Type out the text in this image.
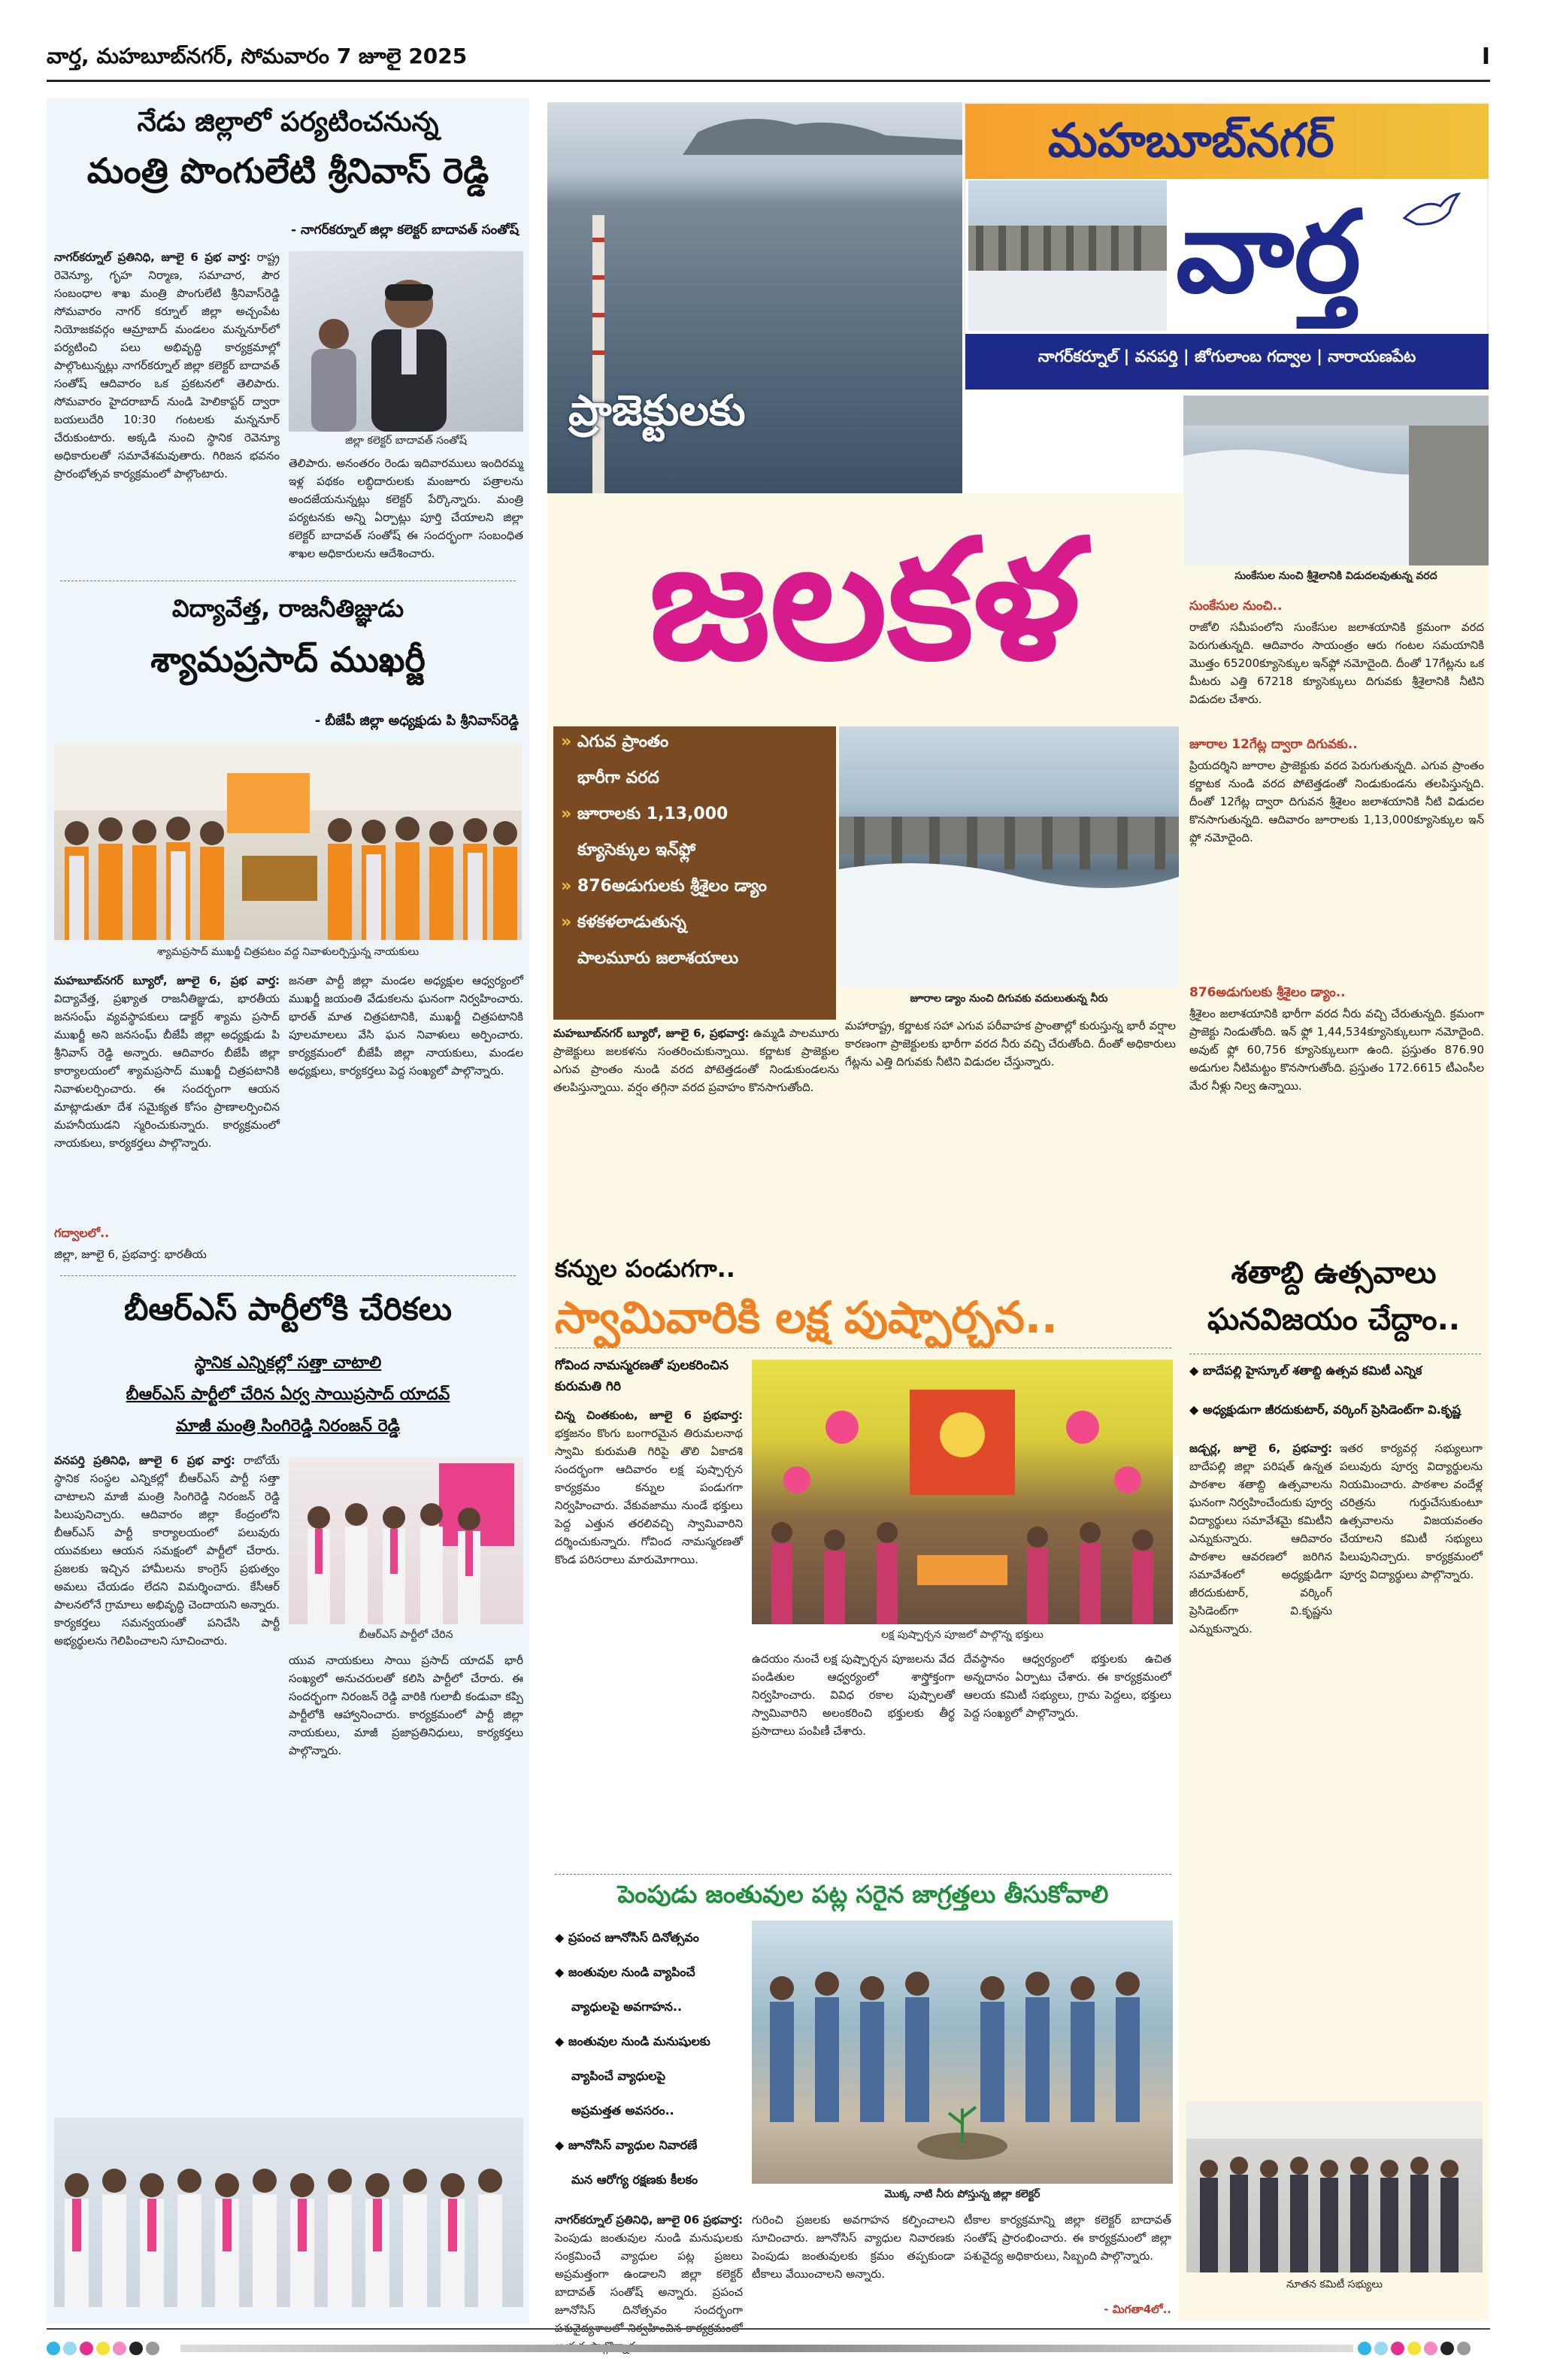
వార్త, మహబూబ్‌నగర్, సోమవారం 7 జూలై 2025	I
నేడు జిల్లాలో పర్యటించనున్న
మంత్రి పొంగులేటి శ్రీనివాస్ రెడ్డి
- నాగర్‌కర్నూల్ జిల్లా కలెక్టర్ బాదావత్ సంతోష్
నాగర్‌కర్నూల్ ప్రతినిధి, జూలై 6 ప్రభ వార్త: రాష్ట్ర రెవెన్యూ, గృహ నిర్మాణ, సమాచార, పౌర సంబంధాల శాఖ మంత్రి పొంగులేటి శ్రీనివాస్‌రెడ్డి సోమవారం నాగర్ కర్నూల్ జిల్లా అచ్చంపేట నియోజకవర్గం ఆమ్రాబాద్ మండలం మన్ననూర్‌లో పర్యటించి పలు అభివృద్ధి కార్యక్రమాల్లో పాల్గొంటున్నట్లు నాగర్‌కర్నూల్ జిల్లా కలెక్టర్ బాదావత్ సంతోష్ ఆదివారం ఒక ప్రకటనలో తెలిపారు. సోమవారం హైదరాబాద్ నుండి హెలికాప్టర్ ద్వారా బయలుదేరి 10:30 గంటలకు మన్ననూర్ చేరుకుంటారు. అక్కడి నుంచి స్థానిక రెవెన్యూ అధికారులతో సమావేశమవుతారు. గిరిజన భవనం ప్రారంభోత్సవ కార్యక్రమంలో పాల్గొంటారు.
జిల్లా కలెక్టర్ బాదావత్ సంతోష్
తెలిపారు. అనంతరం రెండు ఇదివారములు ఇందిరమ్మ ఇళ్ల పథకం లబ్ధిదారులకు మంజూరు పత్రాలను అందజేయనున్నట్లు కలెక్టర్ పేర్కొన్నారు. మంత్రి పర్యటనకు అన్ని ఏర్పాట్లు పూర్తి చేయాలని జిల్లా కలెక్టర్ బాదావత్ సంతోష్ ఈ సందర్భంగా సంబంధిత శాఖల అధికారులను ఆదేశించారు.
విద్యావేత్త, రాజనీతిజ్ఞుడు
శ్యామప్రసాద్ ముఖర్జీ
- బీజేపీ జిల్లా అధ్యక్షుడు పి శ్రీనివాస్‌రెడ్డి
శ్యామప్రసాద్ ముఖర్జీ చిత్రపటం వద్ద నివాళులర్పిస్తున్న నాయకులు
మహబూబ్‌నగర్ బ్యూరో, జూలై 6, ప్రభ వార్త: విద్యావేత్త, ప్రఖ్యాత రాజనీతిజ్ఞుడు, భారతీయ జనసంఘ్ వ్యవస్థాపకులు డాక్టర్ శ్యామ ప్రసాద్ ముఖర్జీ అని జనసంఘ్ బీజేపీ జిల్లా అధ్యక్షుడు పి శ్రీనివాస్ రెడ్డి అన్నారు. ఆదివారం బీజేపీ జిల్లా కార్యాలయంలో శ్యామప్రసాద్ ముఖర్జీ చిత్రపటానికి నివాళులర్పించారు. ఈ సందర్భంగా ఆయన మాట్లాడుతూ దేశ సమైక్యత కోసం ప్రాణాలర్పించిన మహనీయుడని స్మరించుకున్నారు. కార్యక్రమంలో నాయకులు, కార్యకర్తలు పాల్గొన్నారు.
గద్వాలలో..
జిల్లా, జూలై 6, ప్రభవార్త: భారతీయ
జనతా పార్టీ జిల్లా మండల అధ్యక్షుల ఆధ్వర్యంలో ముఖర్జీ జయంతి వేడుకలను ఘనంగా నిర్వహించారు. భారత్ మాత చిత్రపటానికి, ముఖర్జీ చిత్రపటానికి పూలమాలలు వేసి ఘన నివాళులు అర్పించారు. కార్యక్రమంలో బీజేపీ జిల్లా నాయకులు, మండల అధ్యక్షులు, కార్యకర్తలు పెద్ద సంఖ్యలో పాల్గొన్నారు.
బీఆర్ఎస్ పార్టీలోకి చేరికలు
స్థానిక ఎన్నికల్లో సత్తా చాటాలి
బీఆర్ఎస్ పార్టీలో చేరిన ఏర్వ సాయిప్రసాద్ యాదవ్
మాజీ మంత్రి సింగిరెడ్డి నిరంజన్ రెడ్డి
వనపర్తి ప్రతినిధి, జూలై 6 ప్రభ వార్త: రాబోయే స్థానిక సంస్థల ఎన్నికల్లో బీఆర్ఎస్ పార్టీ సత్తా చాటాలని మాజీ మంత్రి సింగిరెడ్డి నిరంజన్ రెడ్డి పిలుపునిచ్చారు. ఆదివారం జిల్లా కేంద్రంలోని బీఆర్ఎస్ పార్టీ కార్యాలయంలో పలువురు యువకులు ఆయన సమక్షంలో పార్టీలో చేరారు. ప్రజలకు ఇచ్చిన హామీలను కాంగ్రెస్ ప్రభుత్వం అమలు చేయడం లేదని విమర్శించారు. కేసీఆర్ పాలనలోనే గ్రామాలు అభివృద్ధి చెందాయని అన్నారు. కార్యకర్తలు సమన్వయంతో పనిచేసి పార్టీ అభ్యర్థులను గెలిపించాలని సూచించారు.	బీఆర్ఎస్ పార్టీలో చేరిన
యువ నాయకులు సాయి ప్రసాద్ యాదవ్ భారీ సంఖ్యలో అనుచరులతో కలిసి పార్టీలో చేరారు. ఈ సందర్భంగా నిరంజన్ రెడ్డి వారికి గులాబీ కండువా కప్పి పార్టీలోకి ఆహ్వానించారు. కార్యక్రమంలో పార్టీ జిల్లా నాయకులు, మాజీ ప్రజాప్రతినిధులు, కార్యకర్తలు పాల్గొన్నారు.
మహబూబ్‌నగర్
వార్త
నాగర్‌కర్నూల్ | వనపర్తి | జోగులాంబ గద్వాల | నారాయణపేట
ప్రాజెక్టులకు
జలకళ	సుంకేసుల నుంచి శ్రీశైలానికి విడుదలవుతున్న వరద
» ఎగువ ప్రాంతం
భారీగా వరద
» జూరాలకు 1,13,000
క్యూసెక్కుల ఇన్‌ఫ్లో
» 876అడుగులకు శ్రీశైలం డ్యాం
» కళకళలాడుతున్న
పాలమూరు జలాశయాలు
జూరాల డ్యాం నుంచి దిగువకు వదులుతున్న నీరు
మహబూబ్‌నగర్ బ్యూరో, జూలై 6, ప్రభవార్త: ఉమ్మడి పాలమూరు ప్రాజెక్టులు జలకళను సంతరించుకున్నాయి. కర్ణాటక ప్రాజెక్టుల ఎగువ ప్రాంతం నుండి వరద పోటెత్తడంతో నిండుకుండలను తలపిస్తున్నాయి. వర్షం తగ్గినా వరద ప్రవాహం కొనసాగుతోంది.
మహారాష్ట్ర, కర్ణాటక సహా ఎగువ పరీవాహక ప్రాంతాల్లో కురుస్తున్న భారీ వర్షాల కారణంగా ప్రాజెక్టులకు భారీగా వరద నీరు వచ్చి చేరుతోంది. దీంతో అధికారులు గేట్లను ఎత్తి దిగువకు నీటిని విడుదల చేస్తున్నారు.
సుంకేసుల నుంచి..
రాజోలి సమీపంలోని సుంకేసుల జలాశయానికి క్రమంగా వరద పెరుగుతున్నది. ఆదివారం సాయంత్రం ఆరు గంటల సమయానికి మొత్తం 65200క్యూసెక్కుల ఇన్‌ఫ్లో నమోదైంది. దీంతో 17గేట్లను ఒక మీటరు ఎత్తి 67218 క్యూసెక్కులు దిగువకు శ్రీశైలానికి నీటిని విడుదల చేశారు.
జూరాల 12గేట్ల ద్వారా దిగువకు..
ప్రియదర్శిని జూరాల ప్రాజెక్టుకు వరద పెరుగుతున్నది. ఎగువ ప్రాంతం కర్ణాటక నుండి వరద పోటెత్తడంతో నిండుకుండను తలపిస్తున్నది. దీంతో 12గేట్ల ద్వారా దిగువన శ్రీశైలం జలాశయానికి నీటి విడుదల కొనసాగుతున్నది. ఆదివారం జూరాలకు 1,13,000క్యూసెక్కుల ఇన్ ఫ్లో నమోదైంది.
876అడుగులకు శ్రీశైలం డ్యాం..
శ్రీశైలం జలాశయానికి భారీగా వరద నీరు వచ్చి చేరుతున్నది. క్రమంగా ప్రాజెక్టు నిండుతోంది. ఇన్ ఫ్లో 1,44,534క్యూసెక్కులుగా నమోదైంది. అవుట్ ఫ్లో 60,756 క్యూసెక్కులుగా ఉంది. ప్రస్తుతం 876.90 అడుగుల నీటిమట్టం కొనసాగుతోంది. ప్రస్తుతం 172.6615 టీఎంసీల మేర నీళ్లు నిల్వ ఉన్నాయి.
కన్నుల పండుగగా..
స్వామివారికి లక్ష పుష్పార్చన..
గోవింద నామస్మరణతో పులకరించిన కురుమతి గిరి
చిన్న చింతకుంట, జూలై 6 ప్రభవార్త: భక్తజనం కొంగు బంగారమైన తిరుమలనాథ స్వామి కురుమతి గిరిపై తొలి ఏకాదశి సందర్భంగా ఆదివారం లక్ష పుష్పార్చన కార్యక్రమం కన్నుల పండుగగా నిర్వహించారు. వేకువజాము నుండే భక్తులు పెద్ద ఎత్తున తరలివచ్చి స్వామివారిని దర్శించుకున్నారు. గోవింద నామస్మరణతో కొండ పరిసరాలు మారుమోగాయి.
లక్ష పుష్పార్చన పూజలో పాల్గొన్న భక్తులు
ఉదయం నుంచే లక్ష పుష్పార్చన పూజలను వేద పండితుల ఆధ్వర్యంలో శాస్త్రోక్తంగా నిర్వహించారు. వివిధ రకాల పుష్పాలతో స్వామివారిని అలంకరించి భక్తులకు తీర్థ ప్రసాదాలు పంపిణీ చేశారు.
దేవస్థానం ఆధ్వర్యంలో భక్తులకు ఉచిత అన్నదానం ఏర్పాటు చేశారు. ఈ కార్యక్రమంలో ఆలయ కమిటీ సభ్యులు, గ్రామ పెద్దలు, భక్తులు పెద్ద సంఖ్యలో పాల్గొన్నారు.
శతాబ్ది ఉత్సవాలు
ఘనవిజయం చేద్దాం..
◆ బాదేపల్లి హైస్కూల్ శతాబ్ది ఉత్సవ కమిటీ ఎన్నిక
◆ అధ్యక్షుడుగా జీరదుకుటార్, వర్కింగ్ ప్రెసిడెంట్‌గా వి.కృష్ణ
జడ్చర్ల, జూలై 6, ప్రభవార్త: బాదేపల్లి జిల్లా పరిషత్ ఉన్నత పాఠశాల శతాబ్ది ఉత్సవాలను ఘనంగా నిర్వహించేందుకు పూర్వ విద్యార్థులు సమావేశమై కమిటీని ఎన్నుకున్నారు. ఆదివారం పాఠశాల ఆవరణలో జరిగిన సమావేశంలో అధ్యక్షుడిగా జీరదుకుటార్, వర్కింగ్ ప్రెసిడెంట్‌గా వి.కృష్ణను ఎన్నుకున్నారు.
ఇతర కార్యవర్గ సభ్యులుగా పలువురు పూర్వ విద్యార్థులను నియమించారు. పాఠశాల వందేళ్ల చరిత్రను గుర్తుచేసుకుంటూ ఉత్సవాలను విజయవంతం చేయాలని కమిటీ సభ్యులు పిలుపునిచ్చారు. కార్యక్రమంలో పూర్వ విద్యార్థులు పాల్గొన్నారు.
నూతన కమిటీ సభ్యులు
పెంపుడు జంతువుల పట్ల సరైన జాగ్రత్తలు తీసుకోవాలి
◆ ప్రపంచ జూనోసిస్ దినోత్సవం
◆ జంతువుల నుండి వ్యాపించే
వ్యాధులపై అవగాహన..
◆ జంతువుల నుండి మనుషులకు
వ్యాపించే వ్యాధులపై
అప్రమత్తత అవసరం..
◆ జూనోసిస్ వ్యాధుల నివారణే
మన ఆరోగ్య రక్షణకు కీలకం
మొక్క నాటి నీరు పోస్తున్న జిల్లా కలెక్టర్
నాగర్‌కర్నూల్ ప్రతినిధి, జూలై 06 ప్రభవార్త: పెంపుడు జంతువుల నుండి మనుషులకు సంక్రమించే వ్యాధుల పట్ల ప్రజలు అప్రమత్తంగా ఉండాలని జిల్లా కలెక్టర్ బాదావత్ సంతోష్ అన్నారు. ప్రపంచ జూనోసిస్ దినోత్సవం సందర్భంగా పశువైద్యశాలలో నిర్వహించిన కార్యక్రమంలో
గురించి ప్రజలకు అవగాహన కల్పించాలని సూచించారు. జూనోసిస్ వ్యాధుల నివారణకు పెంపుడు జంతువులకు క్రమం తప్పకుండా టీకాలు వేయించాలని అన్నారు.
టీకాల కార్యక్రమాన్ని జిల్లా కలెక్టర్ బాదావత్ సంతోష్ ప్రారంభించారు. ఈ కార్యక్రమంలో జిల్లా పశువైద్య అధికారులు, సిబ్బంది పాల్గొన్నారు.
- మిగతా4లో..
